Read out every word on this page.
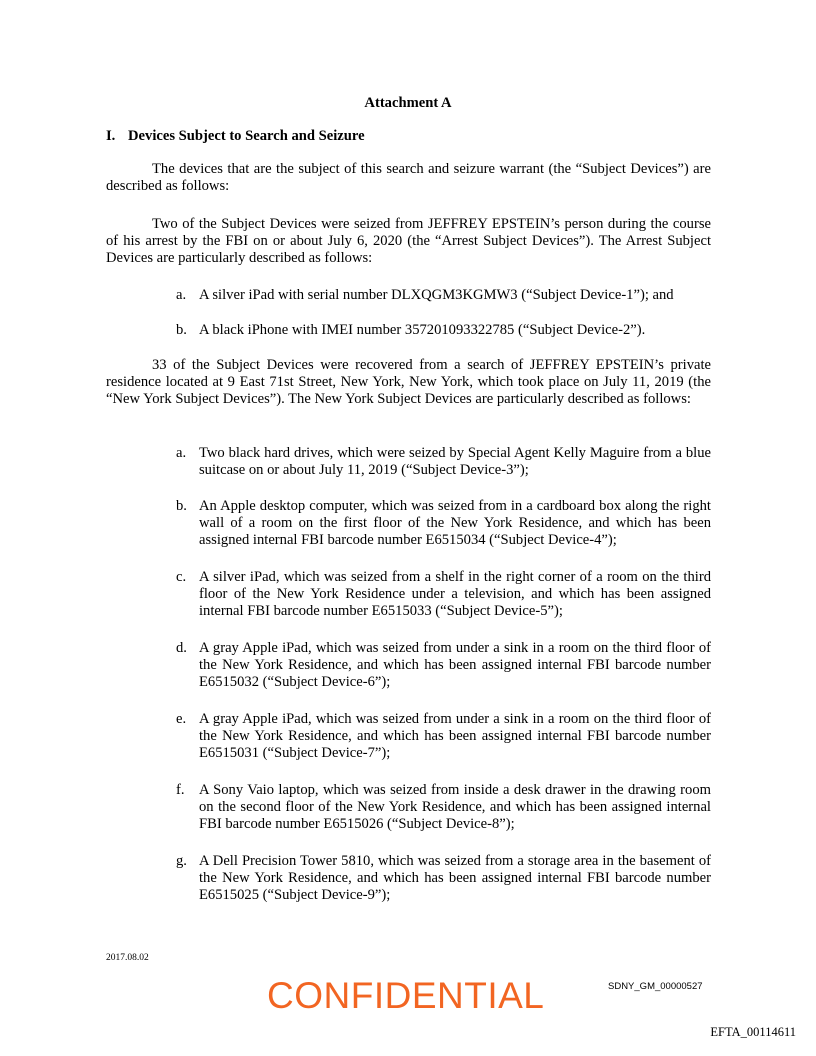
Attachment A
I. Devices Subject to Search and Seizure

The devices that are the subject of this search and seizure warrant (the “Subject Devices”) are described as follows:

Two of the Subject Devices were seized from JEFFREY EPSTEIN’s person during the course of his arrest by the FBI on or about July 6, 2020 (the “Arrest Subject Devices”). The Arrest Subject Devices are particularly described as follows:

a. A silver iPad with serial number DLXQGM3KGMW3 (“Subject Device-1”); and
b. A black iPhone with IMEI number 357201093322785 (“Subject Device-2”).

33 of the Subject Devices were recovered from a search of JEFFREY EPSTEIN’s private residence located at 9 East 71st Street, New York, New York, which took place on July 11, 2019 (the “New York Subject Devices”). The New York Subject Devices are particularly described as follows:

a. Two black hard drives, which were seized by Special Agent Kelly Maguire from a blue suitcase on or about July 11, 2019 (“Subject Device-3”);
b. An Apple desktop computer, which was seized from in a cardboard box along the right wall of a room on the first floor of the New York Residence, and which has been assigned internal FBI barcode number E6515034 (“Subject Device-4”);
c. A silver iPad, which was seized from a shelf in the right corner of a room on the third floor of the New York Residence under a television, and which has been assigned internal FBI barcode number E6515033 (“Subject Device-5”);
d. A gray Apple iPad, which was seized from under a sink in a room on the third floor of the New York Residence, and which has been assigned internal FBI barcode number E6515032 (“Subject Device-6”);
e. A gray Apple iPad, which was seized from under a sink in a room on the third floor of the New York Residence, and which has been assigned internal FBI barcode number E6515031 (“Subject Device-7”);
f. A Sony Vaio laptop, which was seized from inside a desk drawer in the drawing room on the second floor of the New York Residence, and which has been assigned internal FBI barcode number E6515026 (“Subject Device-8”);
g. A Dell Precision Tower 5810, which was seized from a storage area in the basement of the New York Residence, and which has been assigned internal FBI barcode number E6515025 (“Subject Device-9”);
2017.08.02
SDNY_GM_00000527
CONFIDENTIAL
EFTA_00114611
